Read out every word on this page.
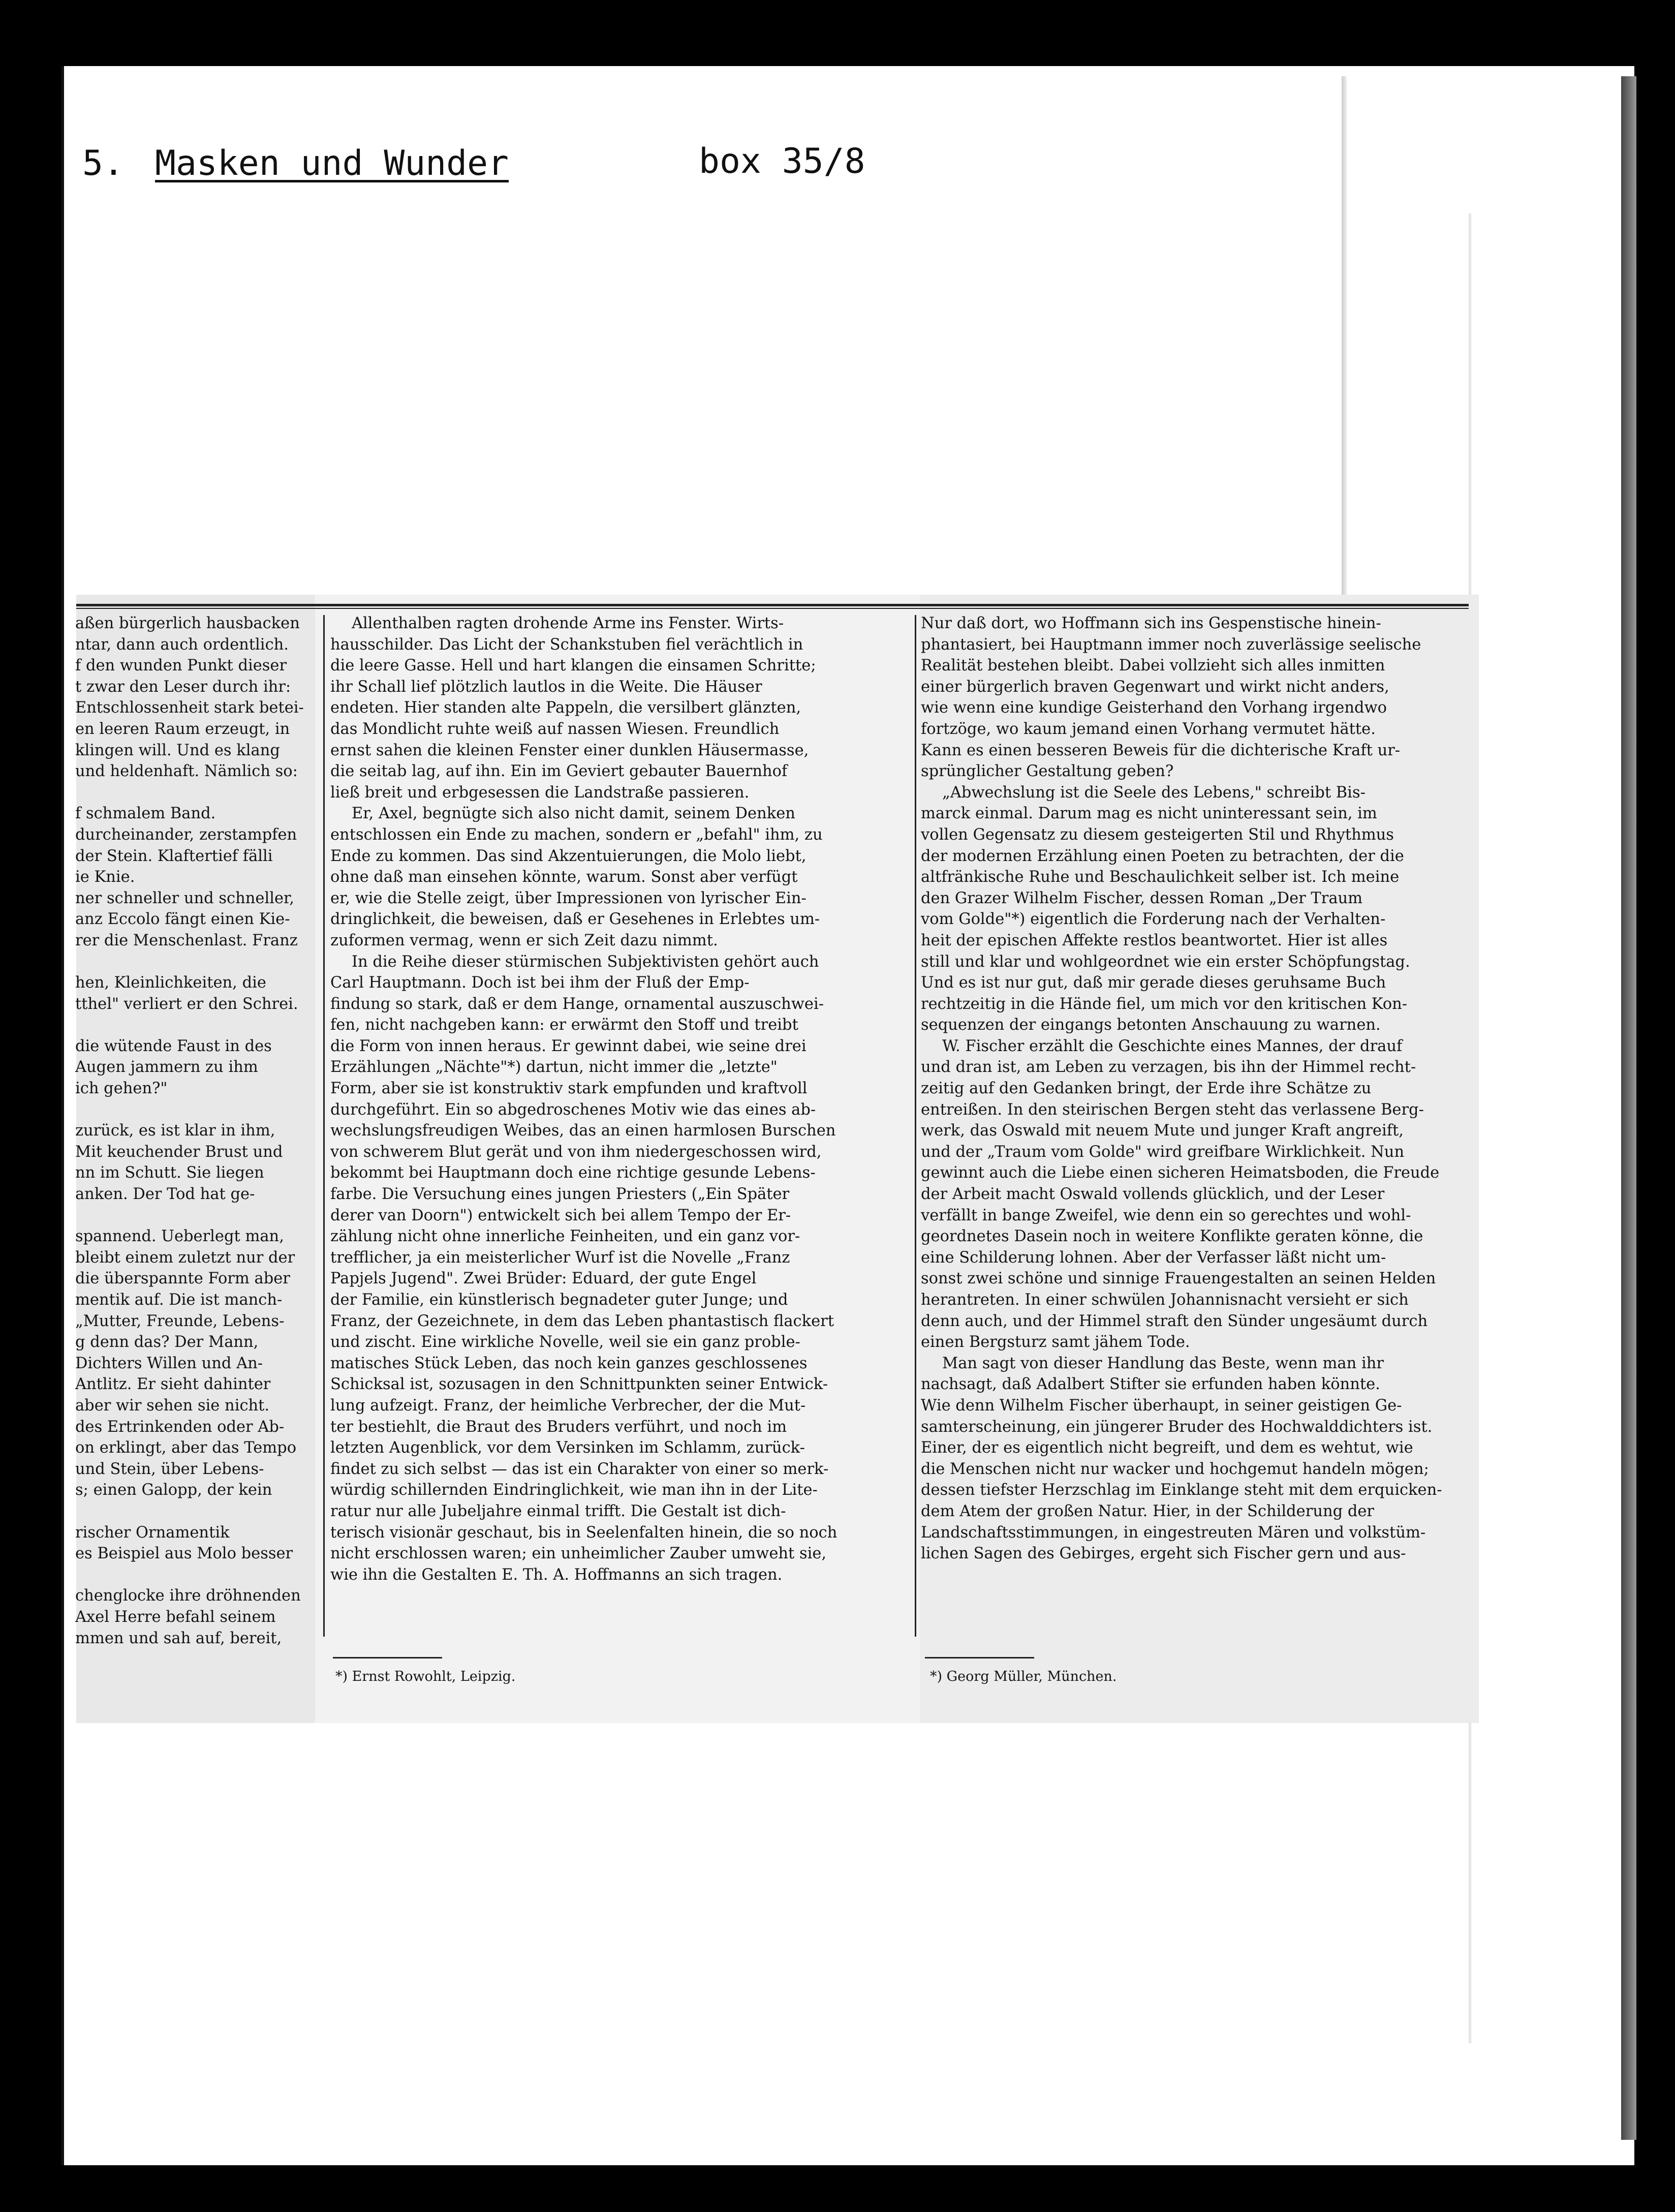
5. Masken und Wunder	box 35/8

aßen bürgerlich hausbacken

ntar, dann auch ordentlich.

f den wunden Punkt dieser

t zwar den Leser durch ihr:

Entschlossenheit stark betei-

en leeren Raum erzeugt, in

klingen will. Und es klang

und heldenhaft. Nämlich so:

f schmalem Band.

durcheinander, zerstampfen

der Stein. Klaftertief fälli

ie Knie.

ner schneller und schneller,

anz Eccolo fängt einen Kie-

rer die Menschenlast. Franz

hen, Kleinlichkeiten, die

tthel" verliert er den Schrei.

die wütende Faust in des

Augen jammern zu ihm

ich gehen?"

zurück, es ist klar in ihm,

Mit keuchender Brust und

nn im Schutt. Sie liegen

anken. Der Tod hat ge-

spannend. Ueberlegt man,

bleibt einem zuletzt nur der

die überspannte Form aber

mentik auf. Die ist manch-

„Mutter, Freunde, Lebens-

g denn das? Der Mann,

Dichters Willen und An-

Antlitz. Er sieht dahinter

aber wir sehen sie nicht.

des Ertrinkenden oder Ab-

on erklingt, aber das Tempo

und Stein, über Lebens-

s; einen Galopp, der kein

rischer Ornamentik

es Beispiel aus Molo besser

chenglocke ihre dröhnenden

Axel Herre befahl seinem

mmen und sah auf, bereit,

Allenthalben ragten drohende Arme ins Fenster. Wirts-

hausschilder. Das Licht der Schankstuben fiel verächtlich in

die leere Gasse. Hell und hart klangen die einsamen Schritte;

ihr Schall lief plötzlich lautlos in die Weite. Die Häuser

endeten. Hier standen alte Pappeln, die versilbert glänzten,

das Mondlicht ruhte weiß auf nassen Wiesen. Freundlich

ernst sahen die kleinen Fenster einer dunklen Häusermasse,

die seitab lag, auf ihn. Ein im Geviert gebauter Bauernhof

ließ breit und erbgesessen die Landstraße passieren.

Er, Axel, begnügte sich also nicht damit, seinem Denken

entschlossen ein Ende zu machen, sondern er „befahl" ihm, zu

Ende zu kommen. Das sind Akzentuierungen, die Molo liebt,

ohne daß man einsehen könnte, warum. Sonst aber verfügt

er, wie die Stelle zeigt, über Impressionen von lyrischer Ein-

dringlichkeit, die beweisen, daß er Gesehenes in Erlebtes um-

zuformen vermag, wenn er sich Zeit dazu nimmt.

In die Reihe dieser stürmischen Subjektivisten gehört auch

Carl Hauptmann. Doch ist bei ihm der Fluß der Emp-

findung so stark, daß er dem Hange, ornamental auszuschwei-

fen, nicht nachgeben kann: er erwärmt den Stoff und treibt

die Form von innen heraus. Er gewinnt dabei, wie seine drei

Erzählungen „Nächte"*) dartun, nicht immer die „letzte"

Form, aber sie ist konstruktiv stark empfunden und kraftvoll

durchgeführt. Ein so abgedroschenes Motiv wie das eines ab-

wechslungsfreudigen Weibes, das an einen harmlosen Burschen

von schwerem Blut gerät und von ihm niedergeschossen wird,

bekommt bei Hauptmann doch eine richtige gesunde Lebens-

farbe. Die Versuchung eines jungen Priesters („Ein Später

derer van Doorn") entwickelt sich bei allem Tempo der Er-

zählung nicht ohne innerliche Feinheiten, und ein ganz vor-

trefflicher, ja ein meisterlicher Wurf ist die Novelle „Franz

Papjels Jugend". Zwei Brüder: Eduard, der gute Engel

der Familie, ein künstlerisch begnadeter guter Junge; und

Franz, der Gezeichnete, in dem das Leben phantastisch flackert

und zischt. Eine wirkliche Novelle, weil sie ein ganz proble-

matisches Stück Leben, das noch kein ganzes geschlossenes

Schicksal ist, sozusagen in den Schnittpunkten seiner Entwick-

lung aufzeigt. Franz, der heimliche Verbrecher, der die Mut-

ter bestiehlt, die Braut des Bruders verführt, und noch im

letzten Augenblick, vor dem Versinken im Schlamm, zurück-

findet zu sich selbst — das ist ein Charakter von einer so merk-

würdig schillernden Eindringlichkeit, wie man ihn in der Lite-

ratur nur alle Jubeljahre einmal trifft. Die Gestalt ist dich-

terisch visionär geschaut, bis in Seelenfalten hinein, die so noch

nicht erschlossen waren; ein unheimlicher Zauber umweht sie,

wie ihn die Gestalten E. Th. A. Hoffmanns an sich tragen.

*) Ernst Rowohlt, Leipzig.

Nur daß dort, wo Hoffmann sich ins Gespenstische hinein-

phantasiert, bei Hauptmann immer noch zuverlässige seelische

Realität bestehen bleibt. Dabei vollzieht sich alles inmitten

einer bürgerlich braven Gegenwart und wirkt nicht anders,

wie wenn eine kundige Geisterhand den Vorhang irgendwo

fortzöge, wo kaum jemand einen Vorhang vermutet hätte.

Kann es einen besseren Beweis für die dichterische Kraft ur-

sprünglicher Gestaltung geben?

„Abwechslung ist die Seele des Lebens," schreibt Bis-

marck einmal. Darum mag es nicht uninteressant sein, im

vollen Gegensatz zu diesem gesteigerten Stil und Rhythmus

der modernen Erzählung einen Poeten zu betrachten, der die

altfränkische Ruhe und Beschaulichkeit selber ist. Ich meine

den Grazer Wilhelm Fischer, dessen Roman „Der Traum

vom Golde"*) eigentlich die Forderung nach der Verhalten-

heit der epischen Affekte restlos beantwortet. Hier ist alles

still und klar und wohlgeordnet wie ein erster Schöpfungstag.

Und es ist nur gut, daß mir gerade dieses geruhsame Buch

rechtzeitig in die Hände fiel, um mich vor den kritischen Kon-

sequenzen der eingangs betonten Anschauung zu warnen.

W. Fischer erzählt die Geschichte eines Mannes, der drauf

und dran ist, am Leben zu verzagen, bis ihn der Himmel recht-

zeitig auf den Gedanken bringt, der Erde ihre Schätze zu

entreißen. In den steirischen Bergen steht das verlassene Berg-

werk, das Oswald mit neuem Mute und junger Kraft angreift,

und der „Traum vom Golde" wird greifbare Wirklichkeit. Nun

gewinnt auch die Liebe einen sicheren Heimatsboden, die Freude

der Arbeit macht Oswald vollends glücklich, und der Leser

verfällt in bange Zweifel, wie denn ein so gerechtes und wohl-

geordnetes Dasein noch in weitere Konflikte geraten könne, die

eine Schilderung lohnen. Aber der Verfasser läßt nicht um-

sonst zwei schöne und sinnige Frauengestalten an seinen Helden

herantreten. In einer schwülen Johannisnacht versieht er sich

denn auch, und der Himmel straft den Sünder ungesäumt durch

einen Bergsturz samt jähem Tode.

Man sagt von dieser Handlung das Beste, wenn man ihr

nachsagt, daß Adalbert Stifter sie erfunden haben könnte.

Wie denn Wilhelm Fischer überhaupt, in seiner geistigen Ge-

samterscheinung, ein jüngerer Bruder des Hochwalddichters ist.

Einer, der es eigentlich nicht begreift, und dem es wehtut, wie

die Menschen nicht nur wacker und hochgemut handeln mögen;

dessen tiefster Herzschlag im Einklange steht mit dem erquicken-

dem Atem der großen Natur. Hier, in der Schilderung der

Landschaftsstimmungen, in eingestreuten Mären und volkstüm-

lichen Sagen des Gebirges, ergeht sich Fischer gern und aus-

*) Georg Müller, München.
